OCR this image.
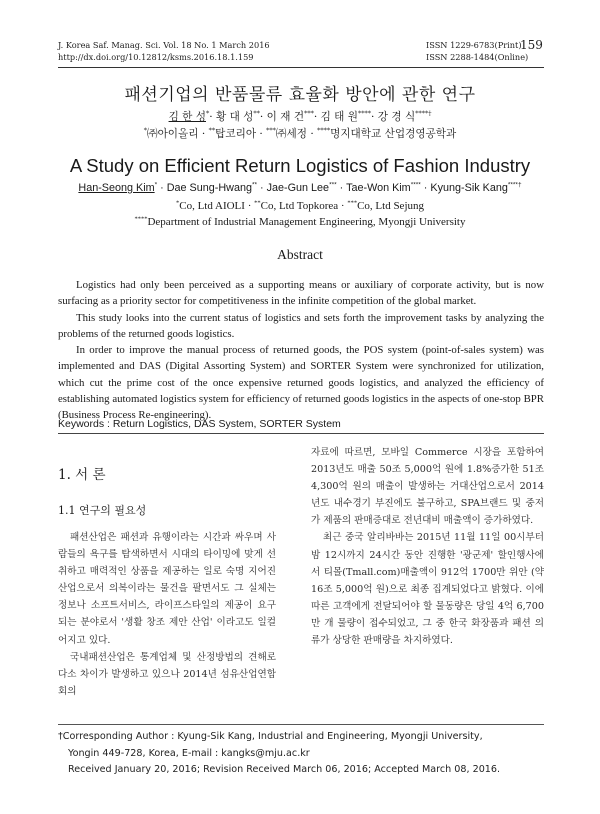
J. Korea Saf. Manag. Sci. Vol. 18 No. 1 March 2016
http://dx.doi.org/10.12812/ksms.2016.18.1.159
ISSN 1229-6783(Print)
ISSN 2288-1484(Online)
159
패션기업의 반품물류 효율화 방안에 관한 연구
김 한 성*· 황 대 성**· 이 재 건***· 김 태 원****· 강 경 식****†
*㈜아이올리 · **탑코리아 · ***㈜세정 · ****명지대학교 산업경영공학과
A Study on Efficient Return Logistics of Fashion Industry
Han-Seong Kim* · Dae Sung-Hwang** · Jae-Gun Lee*** · Tae-Won Kim**** · Kyung-Sik Kang****†
*Co, Ltd AIOLI · **Co, Ltd Topkorea · ***Co, Ltd Sejung
****Department of Industrial Management Engineering, Myongji University
Abstract

Logistics had only been perceived as a supporting means or auxiliary of corporate activity, but is now surfacing as a priority sector for competitiveness in the infinite competition of the global market.

This study looks into the current status of logistics and sets forth the improvement tasks by analyzing the problems of the returned goods logistics.

In order to improve the manual process of returned goods, the POS system (point-of-sales system) was implemented and DAS (Digital Assorting System) and SORTER System were synchronized for utilization, which cut the prime cost of the once expensive returned goods logistics, and analyzed the efficiency of establishing automated logistics system for efficiency of returned goods logistics in the aspects of one-stop BPR (Business Process Re-engineering).

Keywords : Return Logistics, DAS System, SORTER System
1. 서 론
1.1 연구의 필요성

패션산업은 패션과 유행이라는 시간과 싸우며 사람들의 욕구를 탐색하면서 시대의 타이밍에 맞게 선취하고 매력적인 상품을 제공하는 일로 숙명 지어진 산업으로서 의복이라는 물건을 팔면서도 그 실체는 정보나 소프트서비스, 라이프스타일의 제공이 요구되는 분야로서 '생활 창조 제안 산업' 이라고도 일컬어지고 있다.

국내패션산업은 통계업체 및 산정방법의 견해로 다소 차이가 발생하고 있으나 2014년 섬유산업연합회의

자료에 따르면, 모바일 Commerce 시장을 포함하여 2013년도 매출 50조 5,000억 원에 1.8%증가한 51조 4,300억 원의 매출이 발생하는 거대산업으로서 2014년도 내수경기 부진에도 불구하고, SPA브랜드 및 중저가 제품의 판매증대로 전년대비 매출액이 증가하였다.

최근 중국 알리바바는 2015년 11월 11일 00시부터 밤 12시까지 24시간 동안 진행한 '광군제' 할인행사에서 티몰(Tmall.com)매출액이 912억 1700만 위안 (약 16조 5,000억 원)으로 최종 집계되었다고 밝혔다. 이에 따른 고객에게 전달되어야 할 물동량은 당일 4억 6,700만 개 물량이 접수되었고, 그 중 한국 화장품과 패션 의류가 상당한 판매량을 차지하였다.

†Corresponding Author : Kyung-Sik Kang, Industrial and Engineering, Myongji University,
Yongin 449-728, Korea, E-mail : kangks@mju.ac.kr
Received January 20, 2016; Revision Received March 06, 2016; Accepted March 08, 2016.
